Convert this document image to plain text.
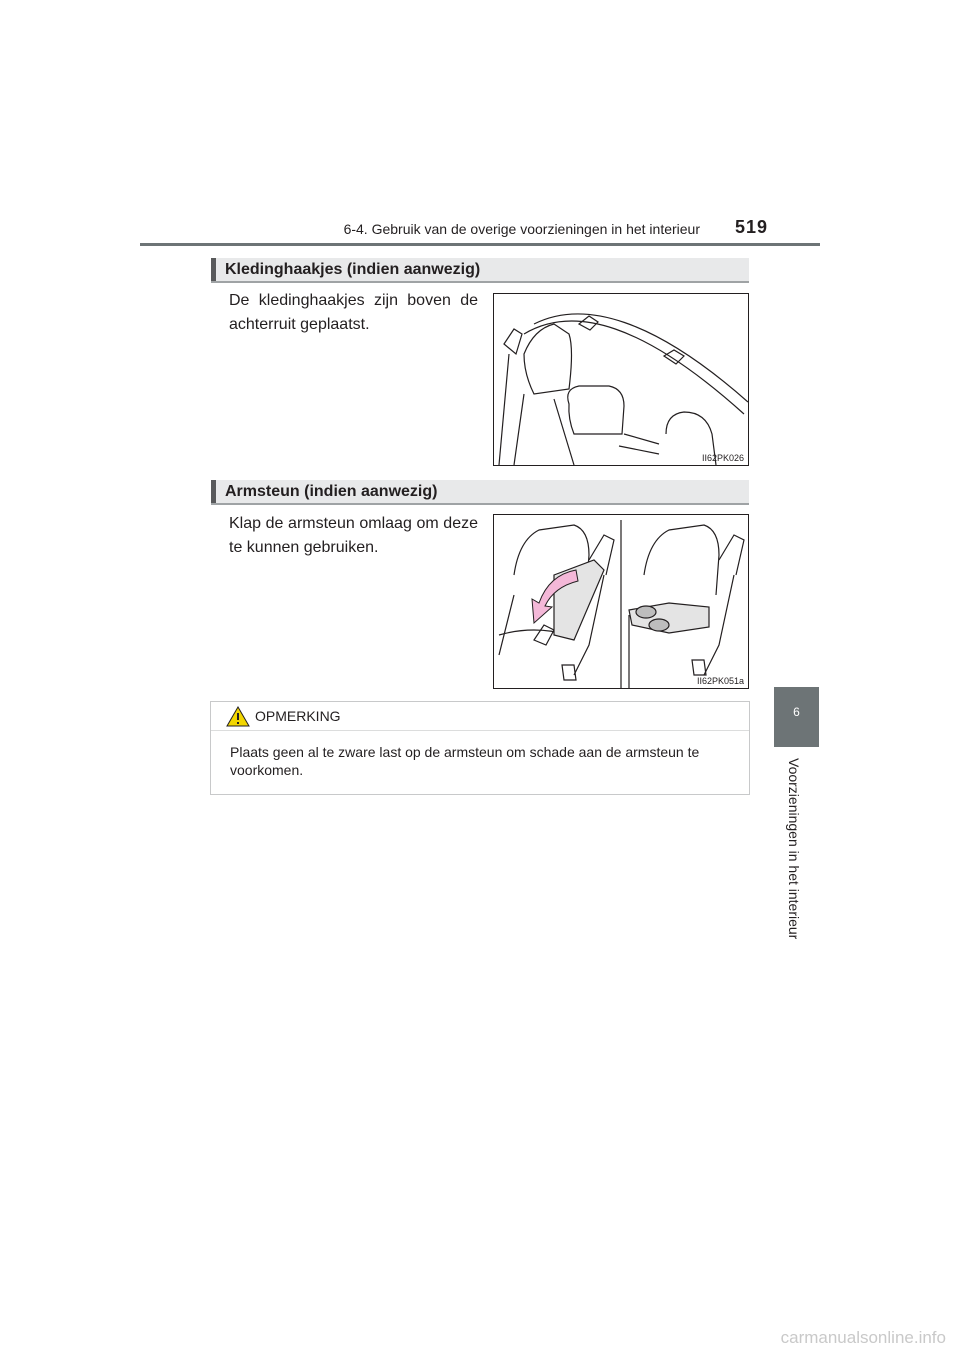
6-4. Gebruik van de overige voorzieningen in het interieur 519
6
Voorzieningen in het interieur
Kledinghaakjes (indien aanwezig)
De kledinghaakjes zijn boven de achterruit geplaatst.
II62PK026
Armsteun (indien aanwezig)
Klap de armsteun omlaag om deze te kunnen gebruiken.
II62PK051a
OPMERKING
Plaats geen al te zware last op de armsteun om schade aan de armsteun te voorkomen.
carmanualsonline.info
